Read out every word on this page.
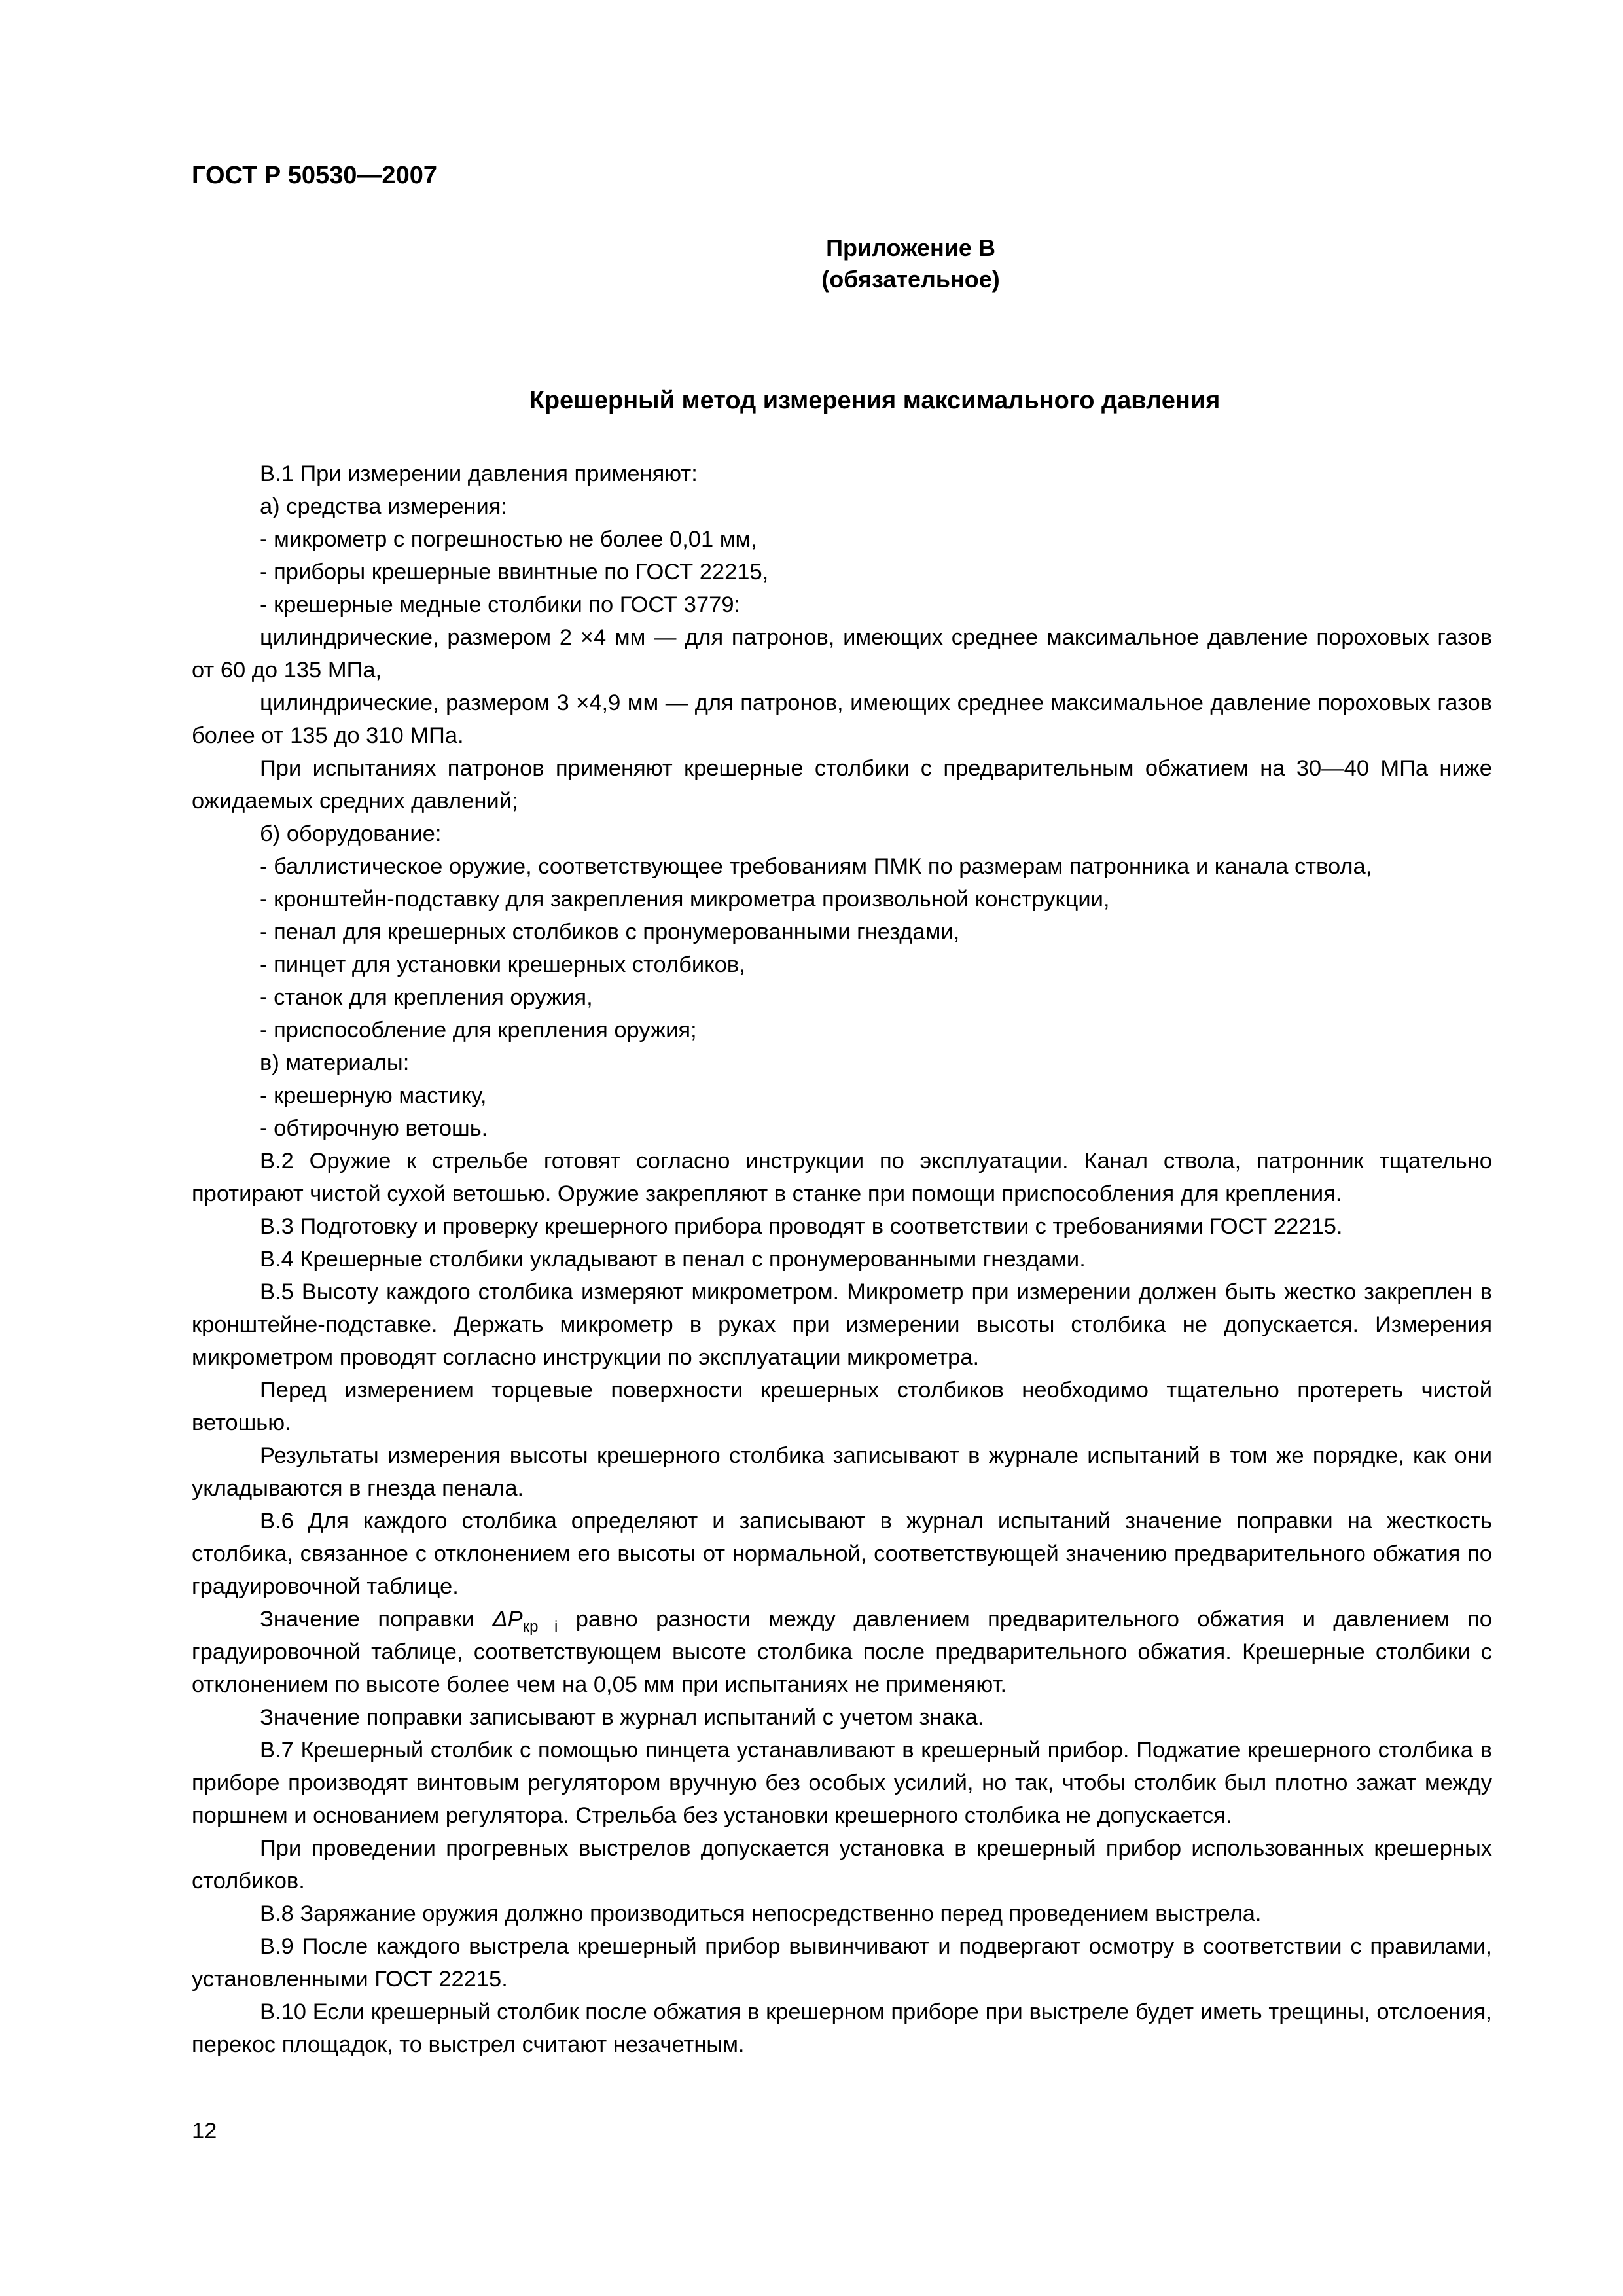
ГОСТ Р 50530—2007
Приложение В
(обязательное)
Крешерный метод измерения максимального давления

В.1 При измерении давления применяют:

а) средства измерения:

- микрометр с погрешностью не более 0,01 мм,

- приборы крешерные ввинтные по ГОСТ 22215,

- крешерные медные столбики по ГОСТ 3779:

цилиндрические, размером 2 ×4 мм — для патронов, имеющих среднее максимальное давление пороховых газов от 60 до 135 МПа,

цилиндрические, размером 3 ×4,9 мм — для патронов, имеющих среднее максимальное давление пороховых газов более от 135 до 310 МПа.

При испытаниях патронов применяют крешерные столбики с предварительным обжатием на 30—40 МПа ниже ожидаемых средних давлений;

б) оборудование:

- баллистическое оружие, соответствующее требованиям ПМК по размерам патронника и канала ствола,

- кронштейн-подставку для закрепления микрометра произвольной конструкции,

- пенал для крешерных столбиков с пронумерованными гнездами,

- пинцет для установки крешерных столбиков,

- станок для крепления оружия,

- приспособление для крепления оружия;

в) материалы:

- крешерную мастику,

- обтирочную ветошь.

В.2 Оружие к стрельбе готовят согласно инструкции по эксплуатации. Канал ствола, патронник тщательно протирают чистой сухой ветошью. Оружие закрепляют в станке при помощи приспособления для крепления.

В.3 Подготовку и проверку крешерного прибора проводят в соответствии с требованиями ГОСТ 22215.

В.4 Крешерные столбики укладывают в пенал с пронумерованными гнездами.

В.5 Высоту каждого столбика измеряют микрометром. Микрометр при измерении должен быть жестко закреплен в кронштейне-подставке. Держать микрометр в руках при измерении высоты столбика не допускается. Измерения микрометром проводят согласно инструкции по эксплуатации микрометра.

Перед измерением торцевые поверхности крешерных столбиков необходимо тщательно протереть чистой ветошью.

Результаты измерения высоты крешерного столбика записывают в журнале испытаний в том же порядке, как они укладываются в гнезда пенала.

В.6 Для каждого столбика определяют и записывают в журнал испытаний значение поправки на жесткость столбика, связанное с отклонением его высоты от нормальной, соответствующей значению предварительного обжатия по градуировочной таблице.

Значение поправки $\Delta P_{кр i}$ равно разности между давлением предварительного обжатия и давлением по градуировочной таблице, соответствующем высоте столбика после предварительного обжатия. Крешерные столбики с отклонением по высоте более чем на 0,05 мм при испытаниях не применяют.

Значение поправки записывают в журнал испытаний с учетом знака.

В.7 Крешерный столбик с помощью пинцета устанавливают в крешерный прибор. Поджатие крешерного столбика в приборе производят винтовым регулятором вручную без особых усилий, но так, чтобы столбик был плотно зажат между поршнем и основанием регулятора. Стрельба без установки крешерного столбика не допускается.

При проведении прогревных выстрелов допускается установка в крешерный прибор использованных крешерных столбиков.

В.8 Заряжание оружия должно производиться непосредственно перед проведением выстрела.

В.9 После каждого выстрела крешерный прибор вывинчивают и подвергают осмотру в соответствии с правилами, установленными ГОСТ 22215.

В.10 Если крешерный столбик после обжатия в крешерном приборе при выстреле будет иметь трещины, отслоения, перекос площадок, то выстрел считают незачетным.

12
